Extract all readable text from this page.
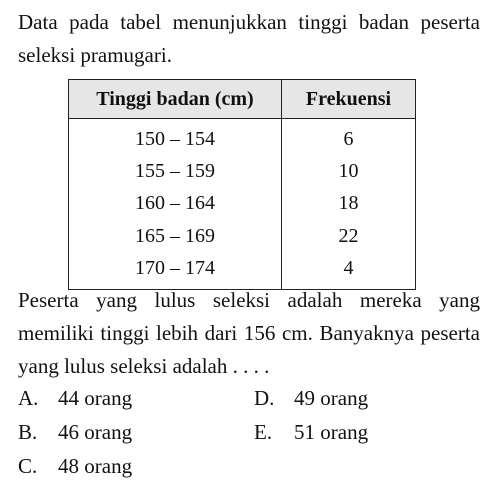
Data pada tabel menunjukkan tinggi badan peserta seleksi pramugari.
Tinggi badan (cm)	Frekuensi
150 – 154	6
155 – 159	10
160 – 164	18
165 – 169	22
170 – 174	4
Peserta yang lulus seleksi adalah mereka yang memiliki tinggi lebih dari 156 cm. Banyaknya peserta yang lulus seleksi adalah . . . .
A. 44 orang
B. 46 orang
C. 48 orang
D. 49 orang
E. 51 orang
